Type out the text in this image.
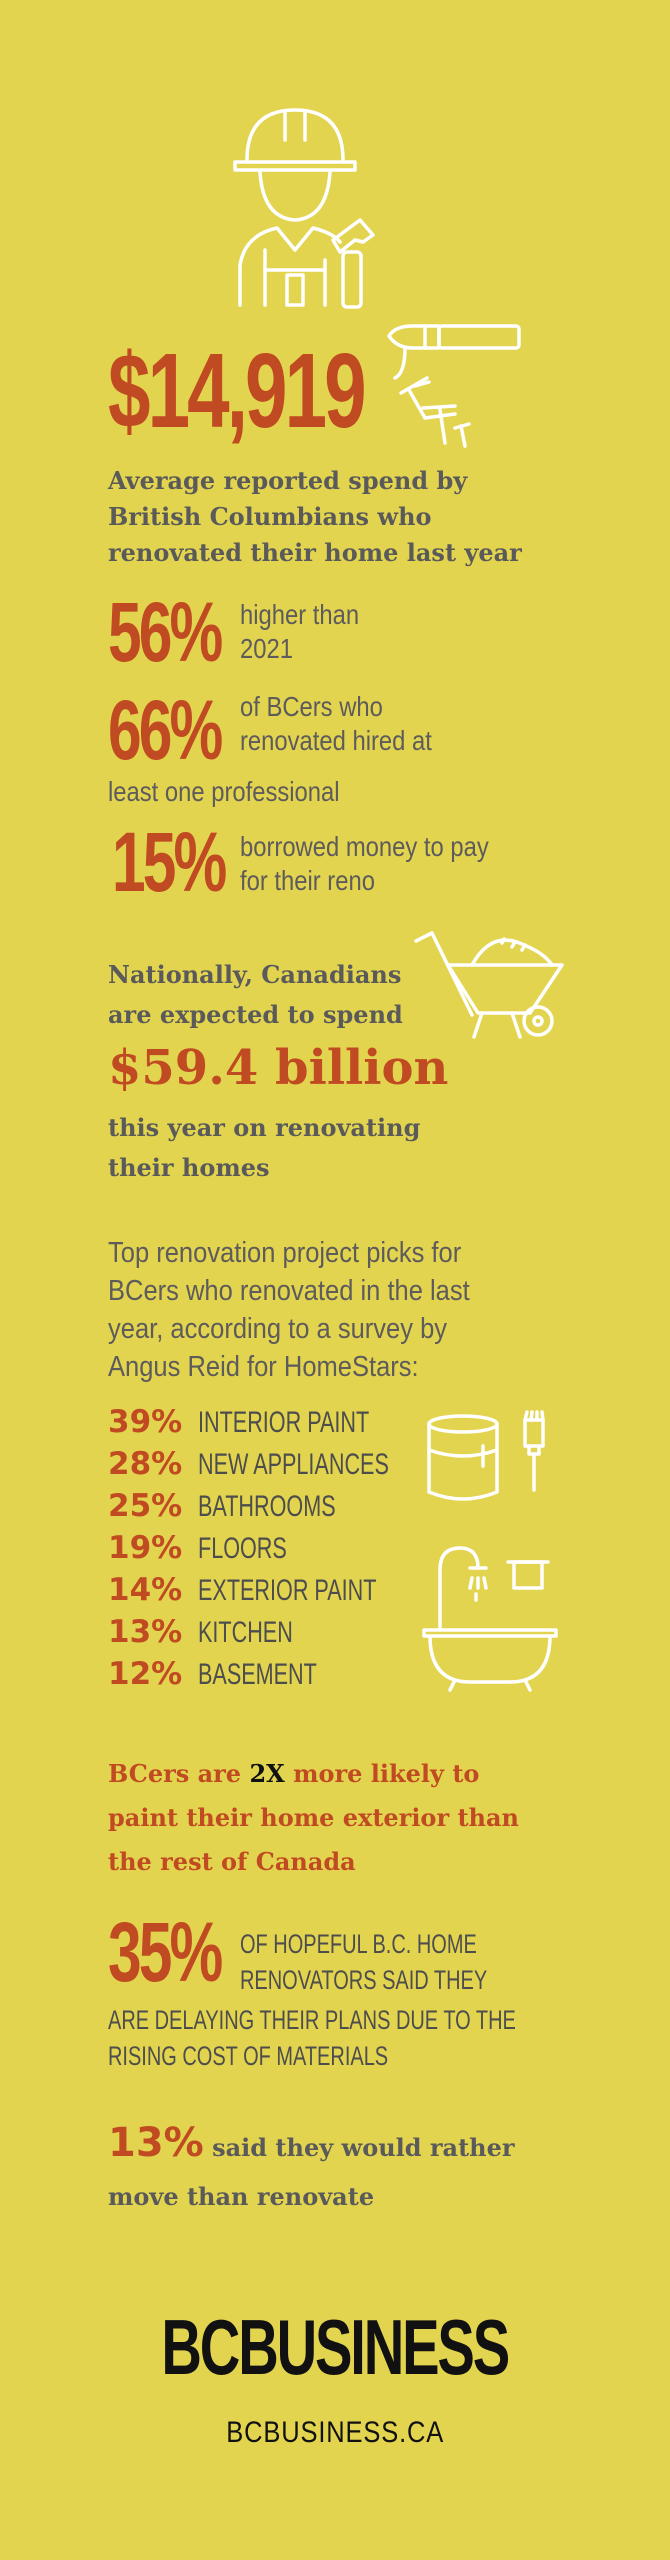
$14,919
Average reported spend by
British Columbians who
renovated their home last year
56% higher than
2021
66% of BCers who
renovated hired at
least one professional
15% borrowed money to pay
for their reno
Nationally, Canadians
are expected to spend
$59.4 billion
this year on renovating
their homes
Top renovation project picks for
BCers who renovated in the last
year, according to a survey by
Angus Reid for HomeStars:
39% INTERIOR PAINT
28% NEW APPLIANCES
25% BATHROOMS
19% FLOORS
14% EXTERIOR PAINT
13% KITCHEN
12% BASEMENT
BCers are 2X more likely to
paint their home exterior than
the rest of Canada
35% OF HOPEFUL B.C. HOME
RENOVATORS SAID THEY
ARE DELAYING THEIR PLANS DUE TO THE
RISING COST OF MATERIALS
13% said they would rather
move than renovate
BCBUSINESS
BCBUSINESS.CA
